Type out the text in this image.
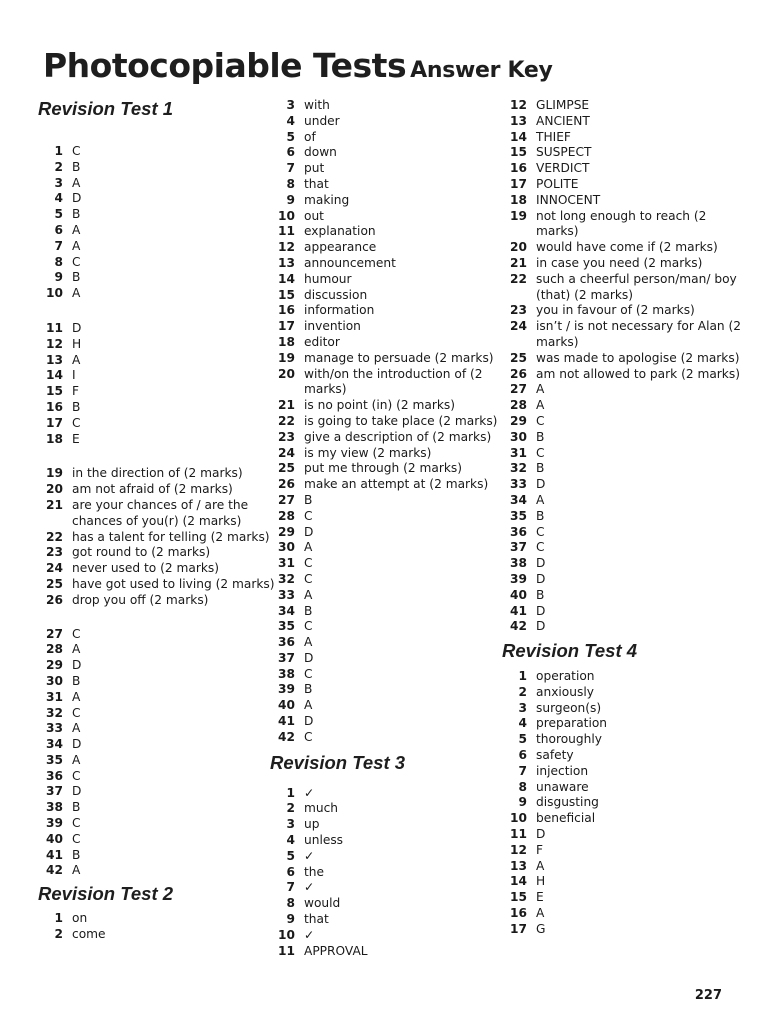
Photocopiable Tests Answer Key
Revision Test 1
1 C
2 B
3 A
4 D
5 B
6 A
7 A
8 C
9 B
10 A
11 D
12 H
13 A
14 I
15 F
16 B
17 C
18 E
19 in the direction of (2 marks)
20 am not afraid of (2 marks)
21 are your chances of / are the chances of you(r) (2 marks)
22 has a talent for telling (2 marks)
23 got round to (2 marks)
24 never used to (2 marks)
25 have got used to living (2 marks)
26 drop you off (2 marks)
27 C
28 A
29 D
30 B
31 A
32 C
33 A
34 D
35 A
36 C
37 D
38 B
39 C
40 C
41 B
42 A
Revision Test 2
1 on
2 come
3 with
4 under
5 of
6 down
7 put
8 that
9 making
10 out
11 explanation
12 appearance
13 announcement
14 humour
15 discussion
16 information
17 invention
18 editor
19 manage to persuade (2 marks)
20 with/on the introduction of (2 marks)
21 is no point (in) (2 marks)
22 is going to take place (2 marks)
23 give a description of (2 marks)
24 is my view (2 marks)
25 put me through (2 marks)
26 make an attempt at (2 marks)
27 B
28 C
29 D
30 A
31 C
32 C
33 A
34 B
35 C
36 A
37 D
38 C
39 B
40 A
41 D
42 C
Revision Test 3
1 ✓
2 much
3 up
4 unless
5 ✓
6 the
7 ✓
8 would
9 that
10 ✓
11 APPROVAL
12 GLIMPSE
13 ANCIENT
14 THIEF
15 SUSPECT
16 VERDICT
17 POLITE
18 INNOCENT
19 not long enough to reach (2 marks)
20 would have come if (2 marks)
21 in case you need (2 marks)
22 such a cheerful person/man/ boy (that) (2 marks)
23 you in favour of (2 marks)
24 isn’t / is not necessary for Alan (2 marks)
25 was made to apologise (2 marks)
26 am not allowed to park (2 marks)
27 A
28 A
29 C
30 B
31 C
32 B
33 D
34 A
35 B
36 C
37 C
38 D
39 D
40 B
41 D
42 D
Revision Test 4
1 operation
2 anxiously
3 surgeon(s)
4 preparation
5 thoroughly
6 safety
7 injection
8 unaware
9 disgusting
10 beneficial
11 D
12 F
13 A
14 H
15 E
16 A
17 G
227
